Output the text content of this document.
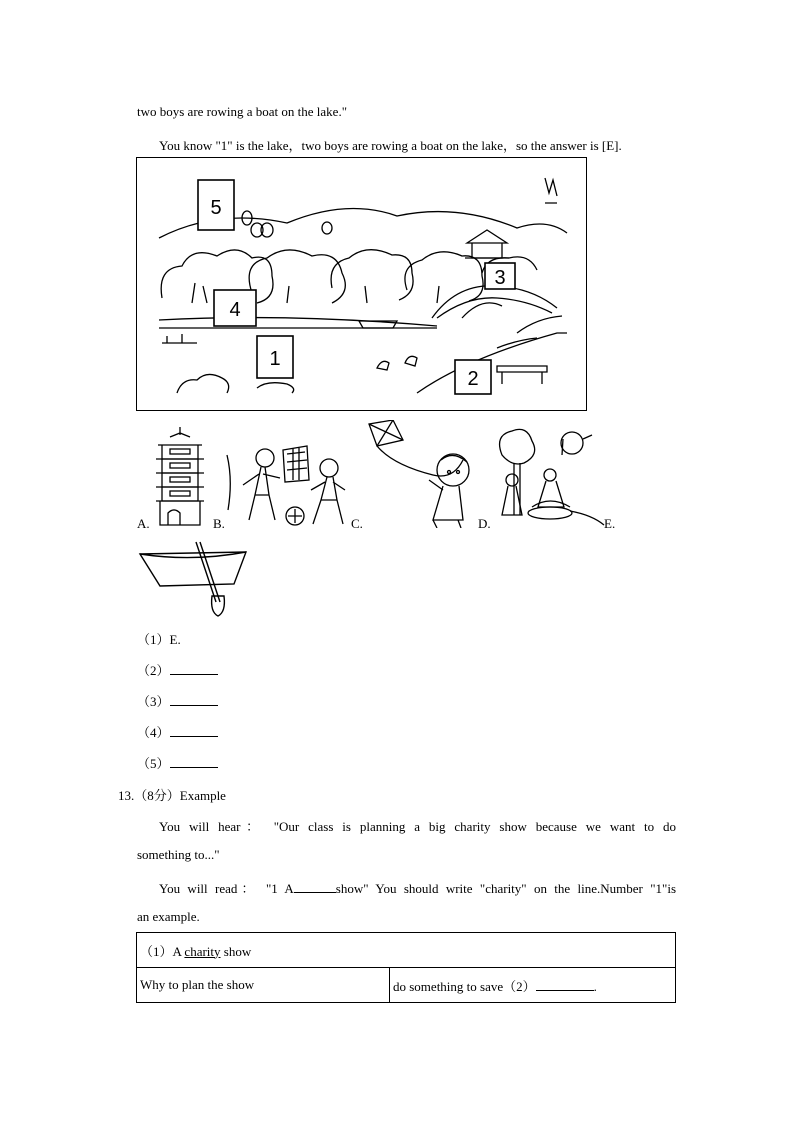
two boys are rowing a boat on the lake."
You know "1" is the lake，two boys are rowing a boat on the lake，so the answer is [E].
5
4
3
1
2
A.	B.	C.	D.	E.
（1）E.
（2）
（3）
（4）
（5）
13.（8分）Example
You will hear： "Our class is planning a big charity show because we want to do
something to..."
You will read： "1 A	show" You should write "charity" on the line.Number "1"is
an example.
（1）A charity show
Why to plan the show	do something to save（2）	.
